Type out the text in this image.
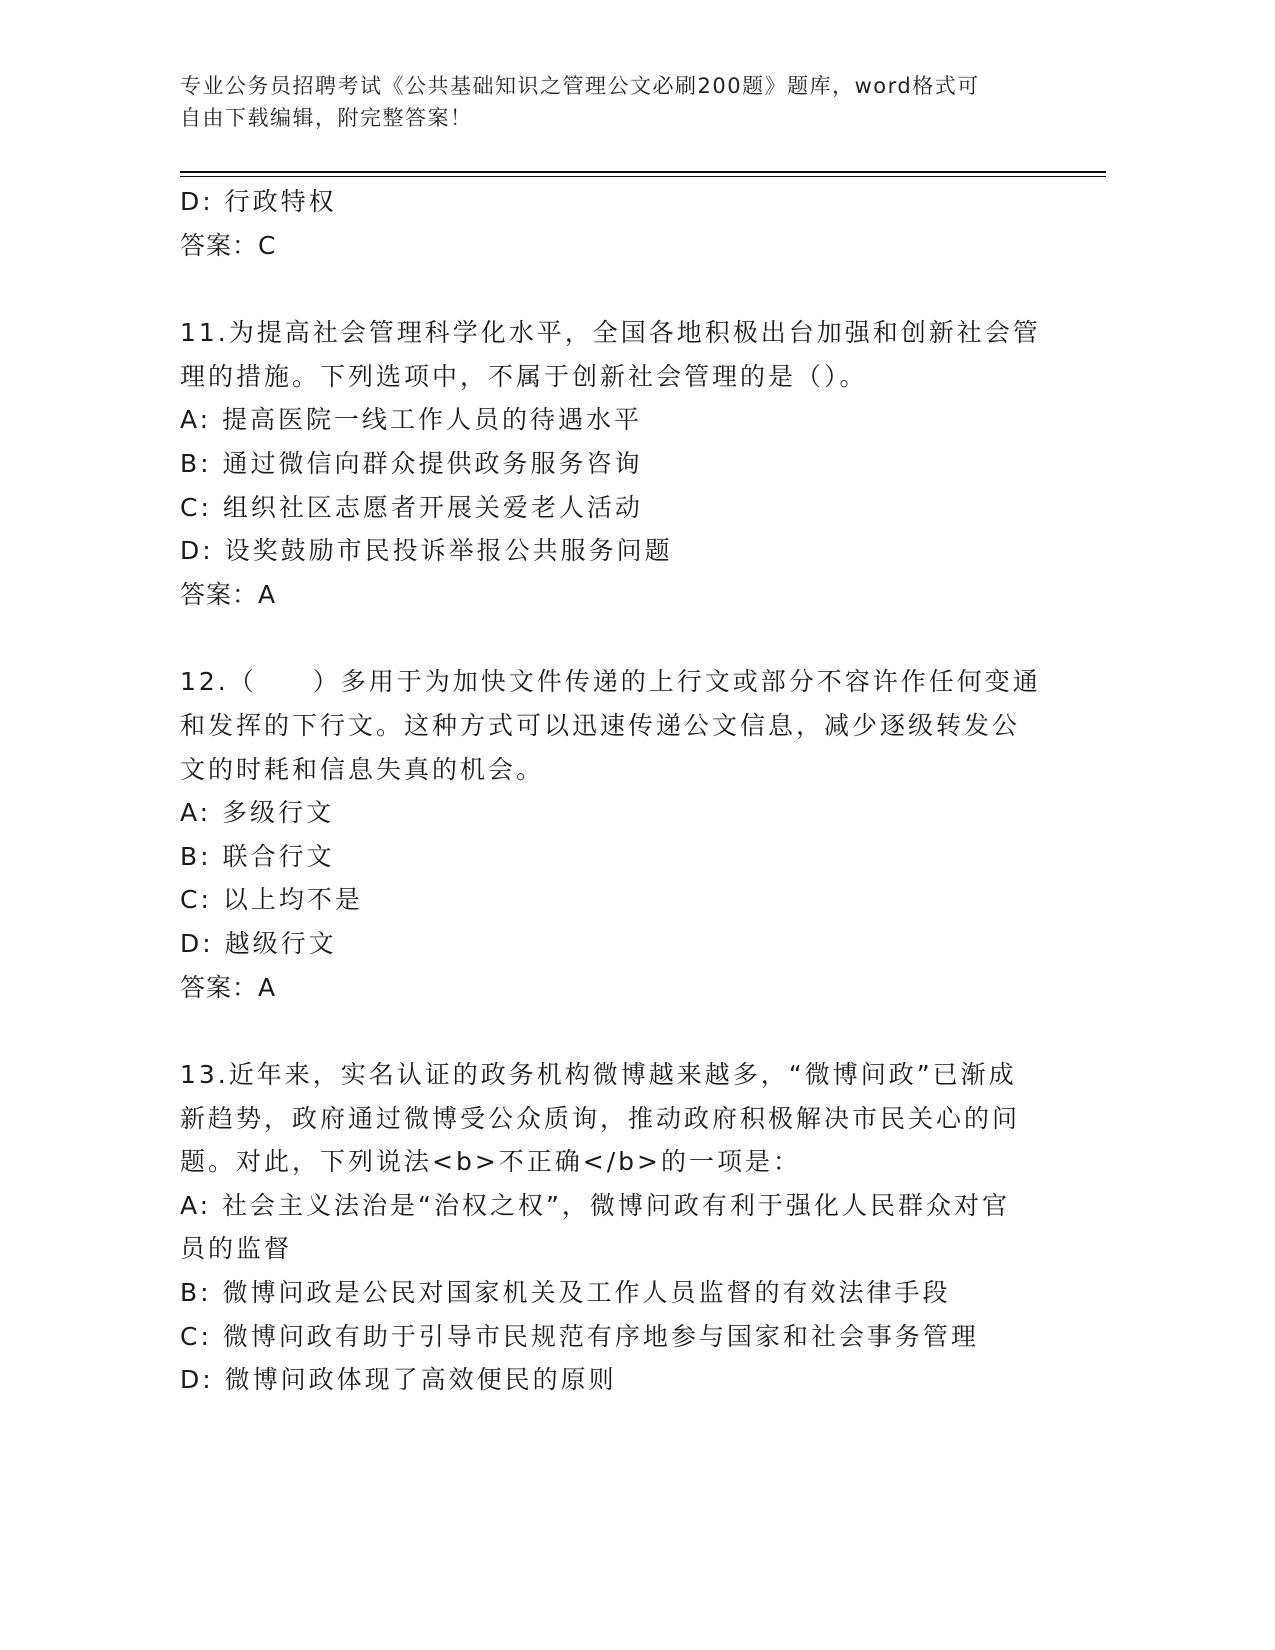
专业公务员招聘考试《公共基础知识之管理公文必刷200题》题库，word格式可
自由下载编辑，附完整答案！
D: 行政特权
答案：C
11.为提高社会管理科学化水平，全国各地积极出台加强和创新社会管
理的措施。下列选项中，不属于创新社会管理的是（）。
A: 提高医院一线工作人员的待遇水平
B: 通过微信向群众提供政务服务咨询
C: 组织社区志愿者开展关爱老人活动
D: 设奖鼓励市民投诉举报公共服务问题
答案：A
12.（　　）多用于为加快文件传递的上行文或部分不容许作任何变通
和发挥的下行文。这种方式可以迅速传递公文信息，减少逐级转发公
文的时耗和信息失真的机会。
A: 多级行文
B: 联合行文
C: 以上均不是
D: 越级行文
答案：A
13.近年来，实名认证的政务机构微博越来越多，“微博问政”已渐成
新趋势，政府通过微博受公众质询，推动政府积极解决市民关心的问
题。对此，下列说法<b>不正确</b>的一项是：
A: 社会主义法治是“治权之权”，微博问政有利于强化人民群众对官
员的监督
B: 微博问政是公民对国家机关及工作人员监督的有效法律手段
C: 微博问政有助于引导市民规范有序地参与国家和社会事务管理
D: 微博问政体现了高效便民的原则
